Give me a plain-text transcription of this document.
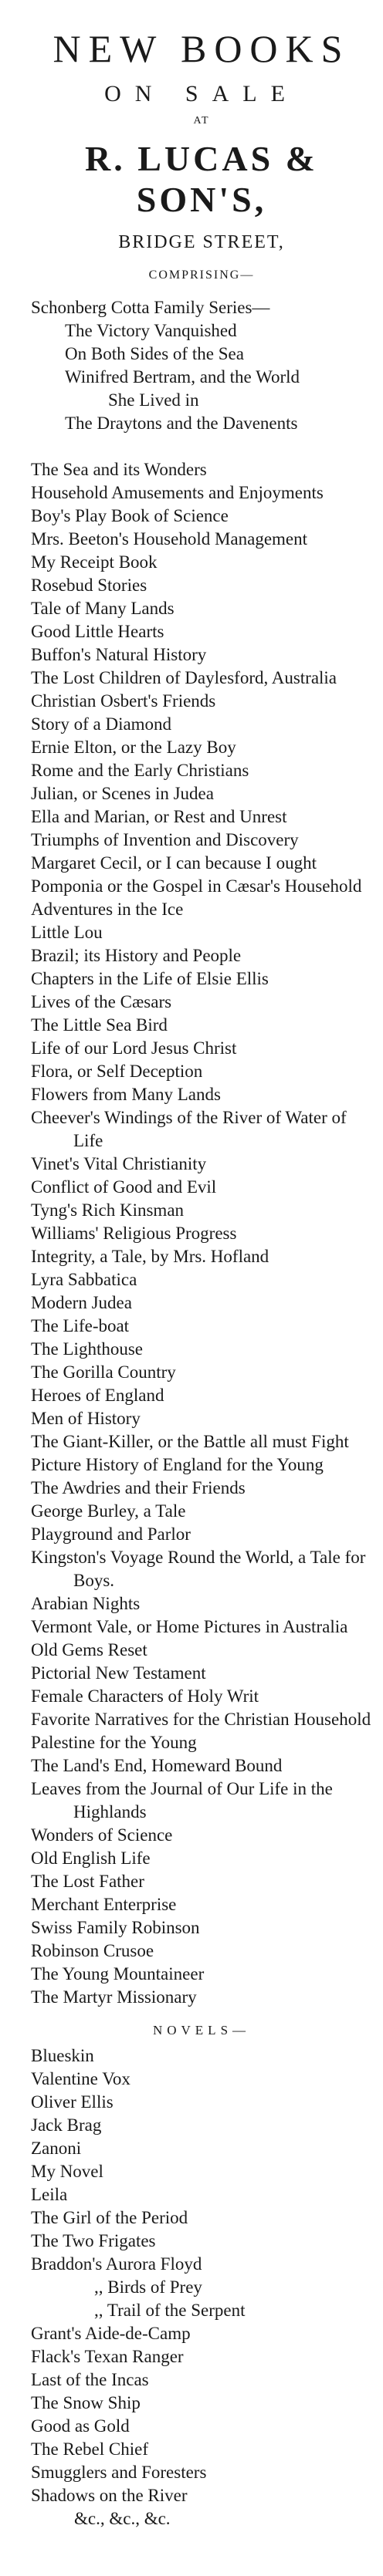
NEW BOOKS
ON SALE
AT
R. LUCAS & SON'S,
BRIDGE STREET,
COMPRISING—
Schonberg Cotta Family Series—
The Victory Vanquished
On Both Sides of the Sea
Winifred Bertram, and the World
She Lived in
The Draytons and the Davenents
The Sea and its Wonders
Household Amusements and Enjoyments
Boy's Play Book of Science
Mrs. Beeton's Household Management
My Receipt Book
Rosebud Stories
Tale of Many Lands
Good Little Hearts
Buffon's Natural History
The Lost Children of Daylesford, Australia
Christian Osbert's Friends
Story of a Diamond
Ernie Elton, or the Lazy Boy
Rome and the Early Christians
Julian, or Scenes in Judea
Ella and Marian, or Rest and Unrest
Triumphs of Invention and Discovery
Margaret Cecil, or I can because I ought
Pomponia or the Gospel in Cæsar's Household
Adventures in the Ice
Little Lou
Brazil; its History and People
Chapters in the Life of Elsie Ellis
Lives of the Cæsars
The Little Sea Bird
Life of our Lord Jesus Christ
Flora, or Self Deception
Flowers from Many Lands
Cheever's Windings of the River of Water of Life
Vinet's Vital Christianity
Conflict of Good and Evil
Tyng's Rich Kinsman
Williams' Religious Progress
Integrity, a Tale, by Mrs. Hofland
Lyra Sabbatica
Modern Judea
The Life-boat
The Lighthouse
The Gorilla Country
Heroes of England
Men of History
The Giant-Killer, or the Battle all must Fight
Picture History of England for the Young
The Awdries and their Friends
George Burley, a Tale
Playground and Parlor
Kingston's Voyage Round the World, a Tale for Boys.
Arabian Nights
Vermont Vale, or Home Pictures in Australia
Old Gems Reset
Pictorial New Testament
Female Characters of Holy Writ
Favorite Narratives for the Christian Household
Palestine for the Young
The Land's End, Homeward Bound
Leaves from the Journal of Our Life in the Highlands
Wonders of Science
Old English Life
The Lost Father
Merchant Enterprise
Swiss Family Robinson
Robinson Crusoe
The Young Mountaineer
The Martyr Missionary
NOVELS—
Blueskin
Valentine Vox
Oliver Ellis
Jack Brag
Zanoni
My Novel
Leila
The Girl of the Period
The Two Frigates
Braddon's Aurora Floyd
,, Birds of Prey
,, Trail of the Serpent
Grant's Aide-de-Camp
Flack's Texan Ranger
Last of the Incas
The Snow Ship
Good as Gold
The Rebel Chief
Smugglers and Foresters
Shadows on the River
&c., &c., &c.
